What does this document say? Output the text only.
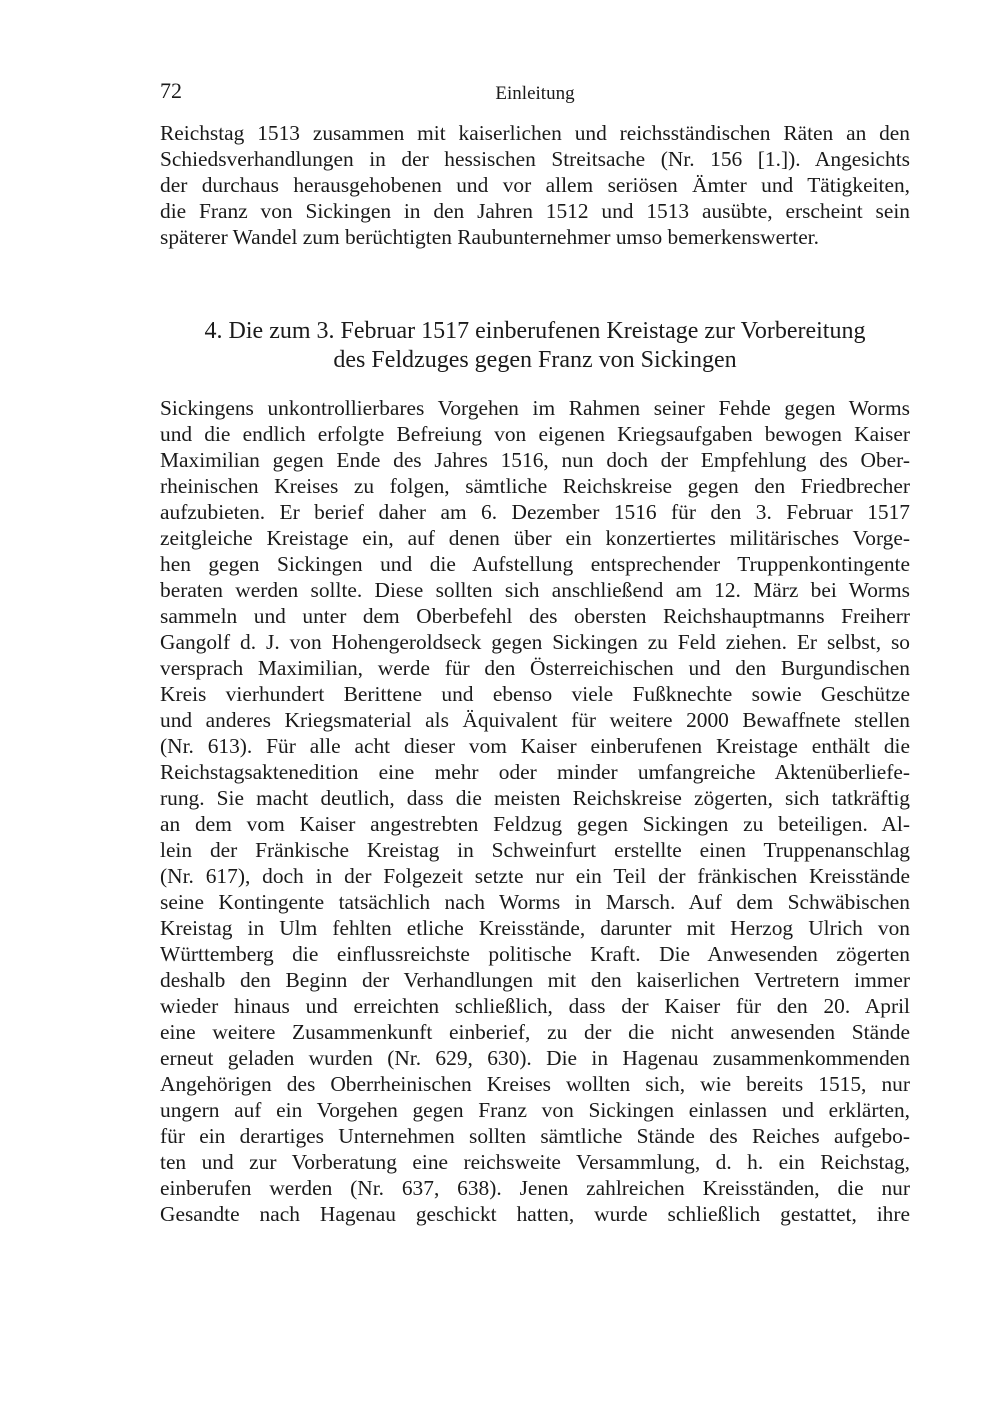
72	Einleitung
Reichstag 1513 zusammen mit kaiserlichen und reichsständischen Räten an den
Schiedsverhandlungen in der hessischen Streitsache (Nr. 156 [1.]). Angesichts
der durchaus herausgehobenen und vor allem seriösen Ämter und Tätigkeiten,
die Franz von Sickingen in den Jahren 1512 und 1513 ausübte, erscheint sein
späterer Wandel zum berüchtigten Raubunternehmer umso bemerkenswerter.
4. Die zum 3. Februar 1517 einberufenen Kreistage zur Vorbereitung
des Feldzuges gegen Franz von Sickingen
Sickingens unkontrollierbares Vorgehen im Rahmen seiner Fehde gegen Worms
und die endlich erfolgte Befreiung von eigenen Kriegsaufgaben bewogen Kaiser
Maximilian gegen Ende des Jahres 1516, nun doch der Empfehlung des Ober-
rheinischen Kreises zu folgen, sämtliche Reichskreise gegen den Friedbrecher
aufzubieten. Er berief daher am 6. Dezember 1516 für den 3. Februar 1517
zeitgleiche Kreistage ein, auf denen über ein konzertiertes militärisches Vorge-
hen gegen Sickingen und die Aufstellung entsprechender Truppenkontingente
beraten werden sollte. Diese sollten sich anschließend am 12. März bei Worms
sammeln und unter dem Oberbefehl des obersten Reichshauptmanns Freiherr
Gangolf d. J. von Hohengeroldseck gegen Sickingen zu Feld ziehen. Er selbst, so
versprach Maximilian, werde für den Österreichischen und den Burgundischen
Kreis vierhundert Berittene und ebenso viele Fußknechte sowie Geschütze
und anderes Kriegsmaterial als Äquivalent für weitere 2000 Bewaffnete stellen
(Nr. 613). Für alle acht dieser vom Kaiser einberufenen Kreistage enthält die
Reichstagsaktenedition eine mehr oder minder umfangreiche Aktenüberliefe-
rung. Sie macht deutlich, dass die meisten Reichskreise zögerten, sich tatkräftig
an dem vom Kaiser angestrebten Feldzug gegen Sickingen zu beteiligen. Al-
lein der Fränkische Kreistag in Schweinfurt erstellte einen Truppenanschlag
(Nr. 617), doch in der Folgezeit setzte nur ein Teil der fränkischen Kreisstände
seine Kontingente tatsächlich nach Worms in Marsch. Auf dem Schwäbischen
Kreistag in Ulm fehlten etliche Kreisstände, darunter mit Herzog Ulrich von
Württemberg die einflussreichste politische Kraft. Die Anwesenden zögerten
deshalb den Beginn der Verhandlungen mit den kaiserlichen Vertretern immer
wieder hinaus und erreichten schließlich, dass der Kaiser für den 20. April
eine weitere Zusammenkunft einberief, zu der die nicht anwesenden Stände
erneut geladen wurden (Nr. 629, 630). Die in Hagenau zusammenkommenden
Angehörigen des Oberrheinischen Kreises wollten sich, wie bereits 1515, nur
ungern auf ein Vorgehen gegen Franz von Sickingen einlassen und erklärten,
für ein derartiges Unternehmen sollten sämtliche Stände des Reiches aufgebo-
ten und zur Vorberatung eine reichsweite Versammlung, d. h. ein Reichstag,
einberufen werden (Nr. 637, 638). Jenen zahlreichen Kreisständen, die nur
Gesandte nach Hagenau geschickt hatten, wurde schließlich gestattet, ihre
